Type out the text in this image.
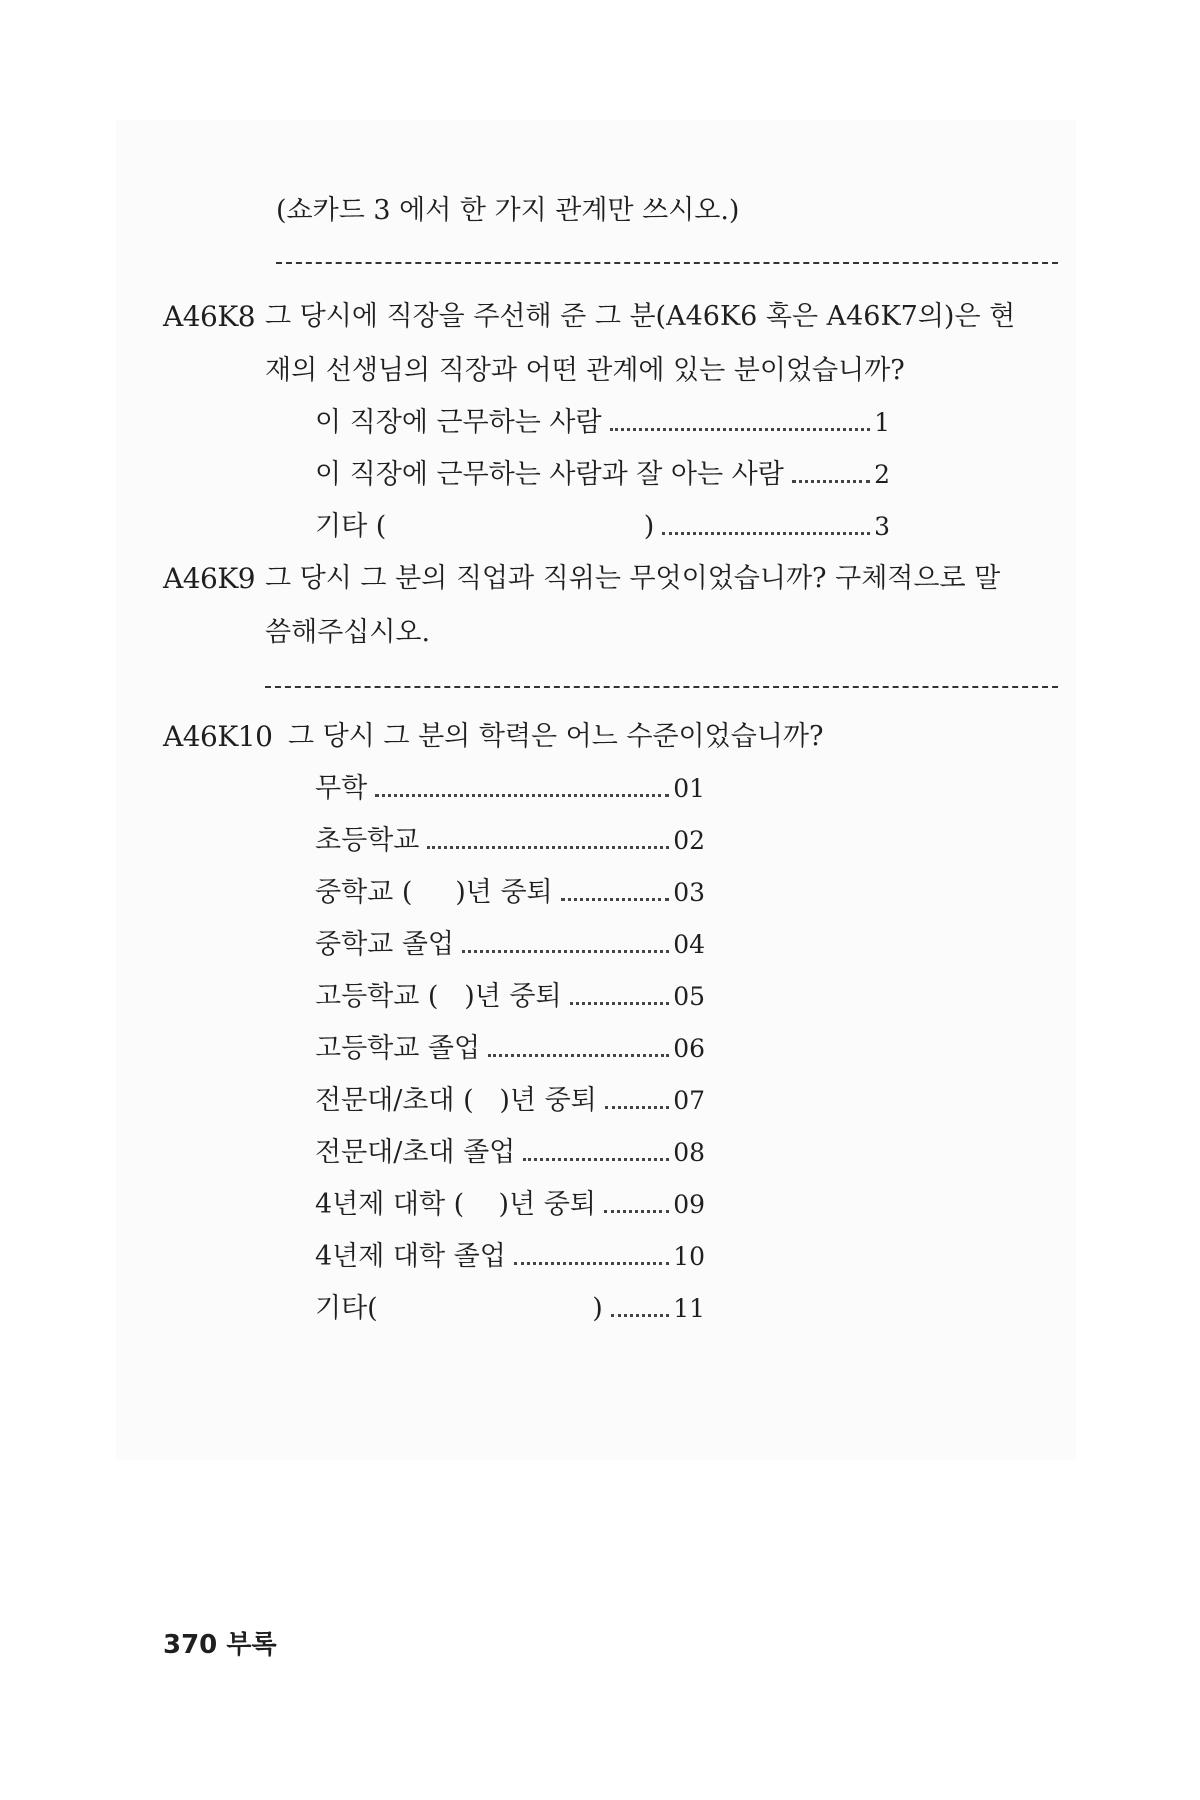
(쇼카드 3 에서 한 가지 관계만 쓰시오.)
A46K8 그 당시에 직장을 주선해 준 그 분(A46K6 혹은 A46K7의)은 현
재의 선생님의 직장과 어떤 관계에 있는 분이었습니까?
이 직장에 근무하는 사람	1
이 직장에 근무하는 사람과 잘 아는 사람	2
기타 (                              )	3
A46K9 그 당시 그 분의 직업과 직위는 무엇이었습니까? 구체적으로 말
씀해주십시오.
A46K10 그 당시 그 분의 학력은 어느 수준이었습니까?
무학	01
초등학교	02
중학교 (     )년 중퇴	03
중학교 졸업	04
고등학교 (   )년 중퇴	05
고등학교 졸업	06
전문대/초대 (   )년 중퇴	07
전문대/초대 졸업	08
4년제 대학 (    )년 중퇴	09
4년제 대학 졸업	10
기타(                         )	11
370 부록
